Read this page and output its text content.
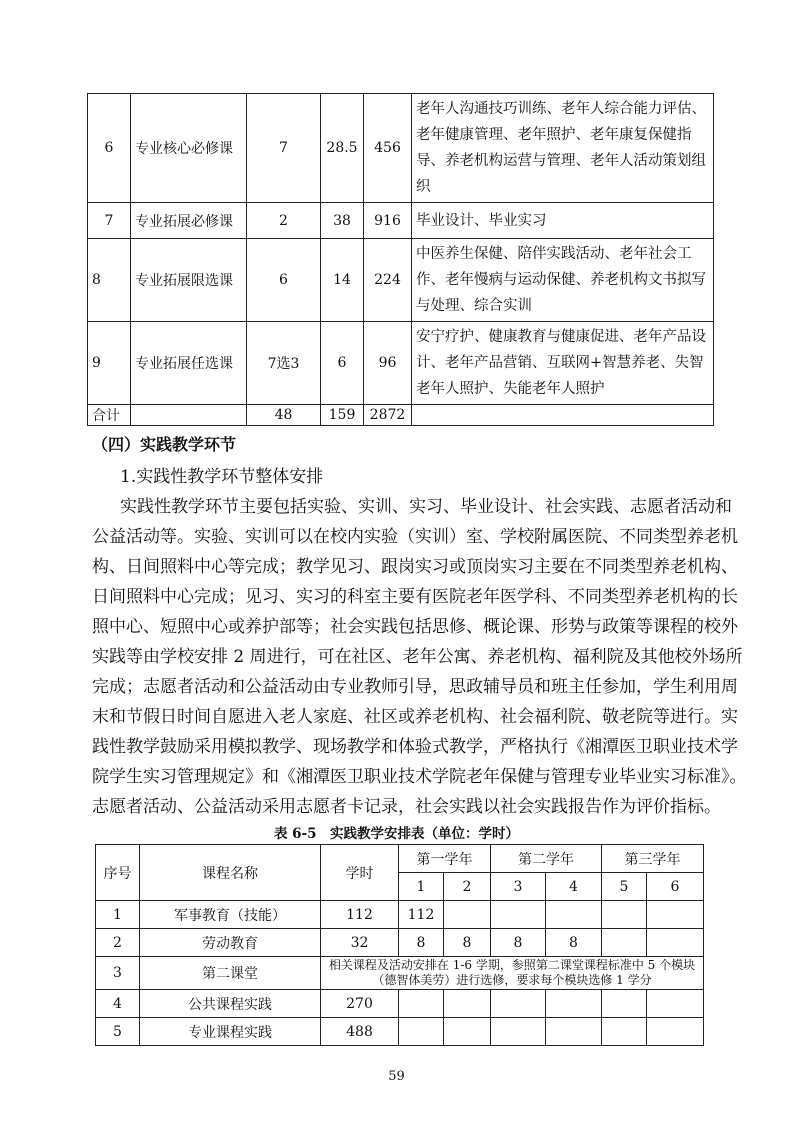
6	专业核心必修课	7	28.5	456	老年人沟通技巧训练、老年人综合能力评估、老年健康管理、老年照护、老年康复保健指导、养老机构运营与管理、老年人活动策划组织
7	专业拓展必修课	2	38	916	毕业设计、毕业实习
8	专业拓展限选课	6	14	224	中医养生保健、陪伴实践活动、老年社会工作、老年慢病与运动保健、养老机构文书拟写与处理、综合实训
9	专业拓展任选课	7选3	6	96	安宁疗护、健康教育与健康促进、老年产品设计、老年产品营销、互联网+智慧养老、失智老年人照护、失能老年人照护
合计		48	159	2872	
（四）实践教学环节
1.实践性教学环节整体安排
实践性教学环节主要包括实验、实训、实习、毕业设计、社会实践、志愿者活动和
公益活动等。实验、实训可以在校内实验（实训）室、学校附属医院、不同类型养老机
构、日间照料中心等完成；教学见习、跟岗实习或顶岗实习主要在不同类型养老机构、
日间照料中心完成；见习、实习的科室主要有医院老年医学科、不同类型养老机构的长
照中心、短照中心或养护部等；社会实践包括思修、概论课、形势与政策等课程的校外
实践等由学校安排 2 周进行，可在社区、老年公寓、养老机构、福利院及其他校外场所
完成；志愿者活动和公益活动由专业教师引导，思政辅导员和班主任参加，学生利用周
末和节假日时间自愿进入老人家庭、社区或养老机构、社会福利院、敬老院等进行。实
践性教学鼓励采用模拟教学、现场教学和体验式教学，严格执行《湘潭医卫职业技术学
院学生实习管理规定》和《湘潭医卫职业技术学院老年保健与管理专业毕业实习标准》。
志愿者活动、公益活动采用志愿者卡记录，社会实践以社会实践报告作为评价指标。
表 6-5　实践教学安排表（单位：学时）
序号	课程名称	学时	第一学年		第二学年		第三学年	
			1	2	3	4	5	6
1	军事教育（技能）	112	112					
2	劳动教育	32	8	8	8	8		
3	第二课堂	相关课程及活动安排在 1-6 学期，参照第二课堂课程标准中 5 个模块（德智体美劳）进行选修，要求每个模块选修 1 学分						
4	公共课程实践	270						
5	专业课程实践	488						
59
